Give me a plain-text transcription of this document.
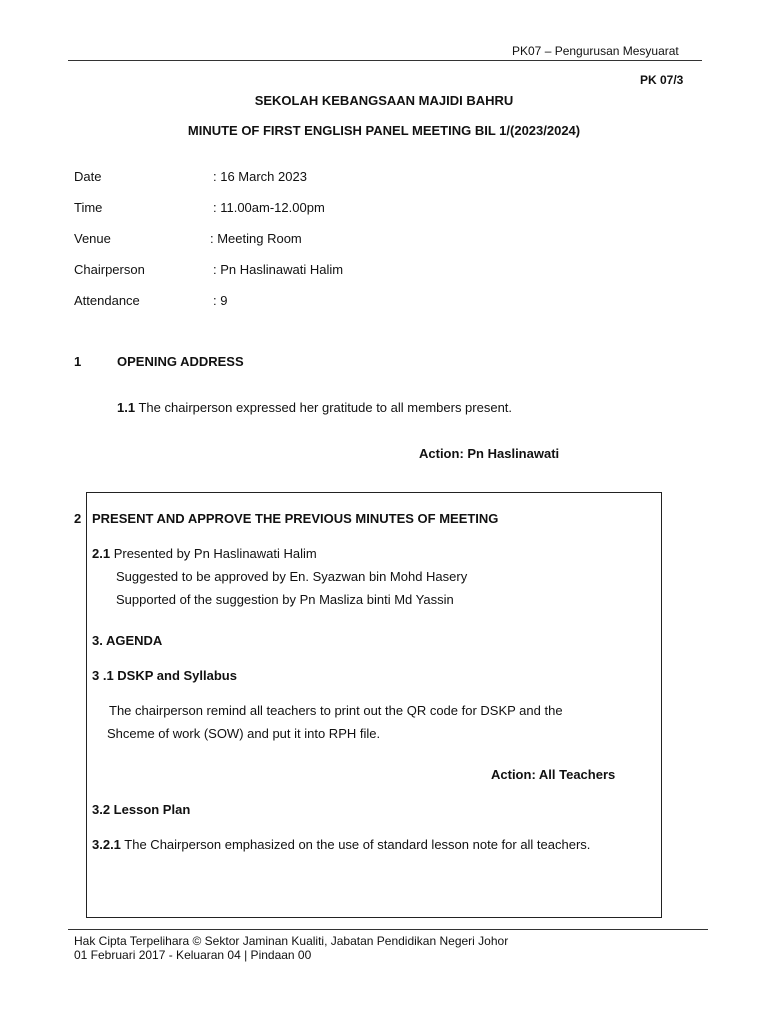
PK07 – Pengurusan Mesyuarat
PK 07/3
SEKOLAH KEBANGSAAN MAJIDI BAHRU
MINUTE OF FIRST ENGLISH PANEL MEETING BIL 1/(2023/2024)
Date	: 16 March 2023
Time	: 11.00am-12.00pm
Venue	: Meeting Room
Chairperson	: Pn Haslinawati Halim
Attendance	: 9
1	OPENING ADDRESS
1.1 The chairperson expressed her gratitude to all members present.
Action: Pn Haslinawati
2 PRESENT AND APPROVE THE PREVIOUS MINUTES OF MEETING
2.1 Presented by Pn Haslinawati Halim
Suggested to be approved by En. Syazwan bin Mohd Hasery
Supported of the suggestion by Pn Masliza binti Md Yassin
3. AGENDA
3 .1 DSKP and Syllabus
The chairperson remind all teachers to print out the QR code for DSKP and the
Shceme of work (SOW) and put it into RPH file.
Action: All Teachers
3.2 Lesson Plan
3.2.1 The Chairperson emphasized on the use of standard lesson note for all teachers.
Hak Cipta Terpelihara © Sektor Jaminan Kualiti, Jabatan Pendidikan Negeri Johor
01 Februari 2017 - Keluaran 04 | Pindaan 00
